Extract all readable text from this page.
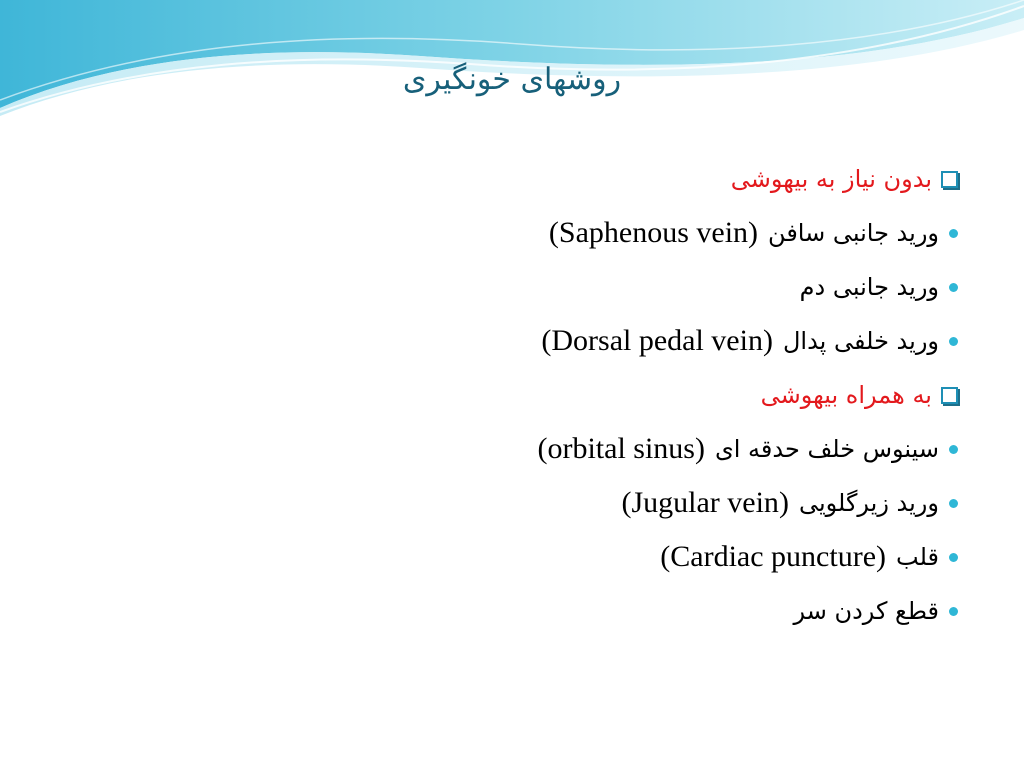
روشهای خونگیری
بدون نیاز به بیهوشی
ورید جانبی سافن
(Saphenous vein)
ورید جانبی دم
ورید خلفی پدال
(Dorsal pedal vein)
به همراه بیهوشی
سینوس خلف حدقه ای
(orbital sinus)
ورید زیرگلویی
(Jugular vein)
قلب
(Cardiac puncture)
قطع کردن سر
